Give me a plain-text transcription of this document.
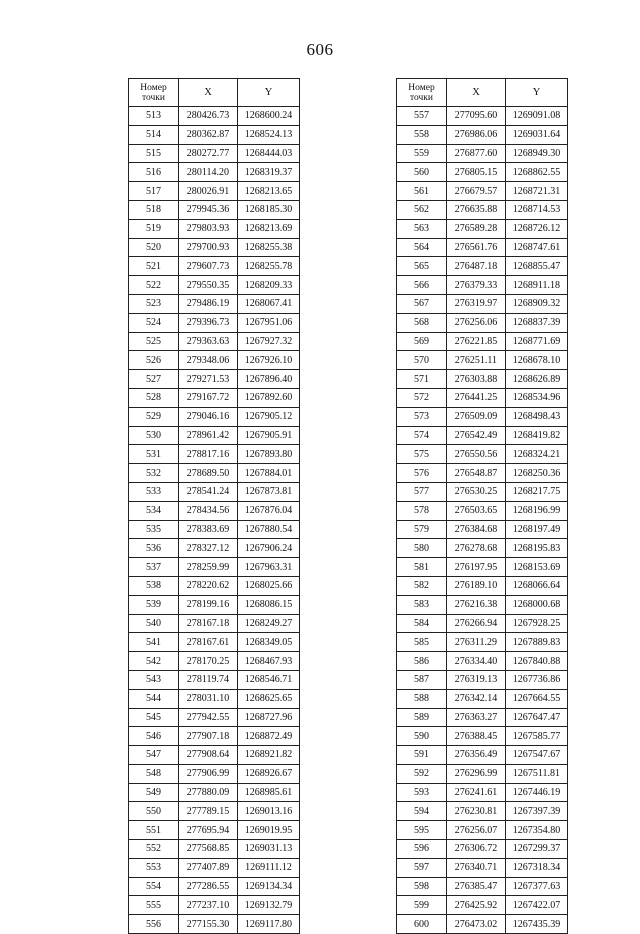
606
Номер
точки	X	Y
513	280426.73	1268600.24
514	280362.87	1268524.13
515	280272.77	1268444.03
516	280114.20	1268319.37
517	280026.91	1268213.65
518	279945.36	1268185.30
519	279803.93	1268213.69
520	279700.93	1268255.38
521	279607.73	1268255.78
522	279550.35	1268209.33
523	279486.19	1268067.41
524	279396.73	1267951.06
525	279363.63	1267927.32
526	279348.06	1267926.10
527	279271.53	1267896.40
528	279167.72	1267892.60
529	279046.16	1267905.12
530	278961.42	1267905.91
531	278817.16	1267893.80
532	278689.50	1267884.01
533	278541.24	1267873.81
534	278434.56	1267876.04
535	278383.69	1267880.54
536	278327.12	1267906.24
537	278259.99	1267963.31
538	278220.62	1268025.66
539	278199.16	1268086.15
540	278167.18	1268249.27
541	278167.61	1268349.05
542	278170.25	1268467.93
543	278119.74	1268546.71
544	278031.10	1268625.65
545	277942.55	1268727.96
546	277907.18	1268872.49
547	277908.64	1268921.82
548	277906.99	1268926.67
549	277880.09	1268985.61
550	277789.15	1269013.16
551	277695.94	1269019.95
552	277568.85	1269031.13
553	277407.89	1269111.12
554	277286.55	1269134.34
555	277237.10	1269132.79
556	277155.30	1269117.80
Номер
точки	X	Y
557	277095.60	1269091.08
558	276986.06	1269031.64
559	276877.60	1268949.30
560	276805.15	1268862.55
561	276679.57	1268721.31
562	276635.88	1268714.53
563	276589.28	1268726.12
564	276561.76	1268747.61
565	276487.18	1268855.47
566	276379.33	1268911.18
567	276319.97	1268909.32
568	276256.06	1268837.39
569	276221.85	1268771.69
570	276251.11	1268678.10
571	276303.88	1268626.89
572	276441.25	1268534.96
573	276509.09	1268498.43
574	276542.49	1268419.82
575	276550.56	1268324.21
576	276548.87	1268250.36
577	276530.25	1268217.75
578	276503.65	1268196.99
579	276384.68	1268197.49
580	276278.68	1268195.83
581	276197.95	1268153.69
582	276189.10	1268066.64
583	276216.38	1268000.68
584	276266.94	1267928.25
585	276311.29	1267889.83
586	276334.40	1267840.88
587	276319.13	1267736.86
588	276342.14	1267664.55
589	276363.27	1267647.47
590	276388.45	1267585.77
591	276356.49	1267547.67
592	276296.99	1267511.81
593	276241.61	1267446.19
594	276230.81	1267397.39
595	276256.07	1267354.80
596	276306.72	1267299.37
597	276340.71	1267318.34
598	276385.47	1267377.63
599	276425.92	1267422.07
600	276473.02	1267435.39
